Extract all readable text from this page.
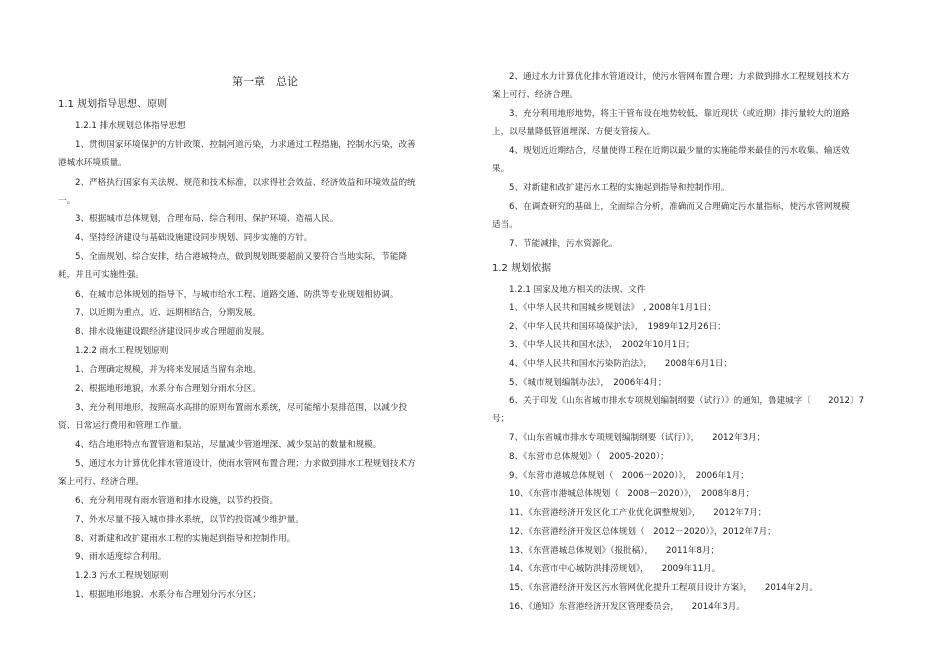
第一章　总论
1.1 规划指导思想、原则
1.2.1 排水规划总体指导思想
1、贯彻国家环境保护的方针政策、控制河道污染，力求通过工程措施，控制水污染，改善
港城水环境质量。
2、严格执行国家有关法规、规范和技术标准，以求得社会效益、经济效益和环境效益的统
一。
3、根据城市总体规划，合理布局、综合利用、保护环境、造福人民。
4、坚持经济建设与基础设施建设同步规划、同步实施的方针。
5、全面规划、综合安排，结合港城特点，做到规划既要超前又要符合当地实际，节能降
耗，并且可实施性强。
6、在城市总体规划的指导下，与城市给水工程、道路交通、防洪等专业规划相协调。
7、以近期为重点，近、远期相结合，分期发展。
8、排水设施建设跟经济建设同步或合理超前发展。
1.2.2 雨水工程规划原则
1、合理确定规模，并为将来发展适当留有余地。
2、根据地形地貌，水系分布合理划分雨水分区。
3、充分利用地形，按照高水高排的原则布置雨水系统，尽可能缩小泵排范围，以减少投
资、日常运行费用和管理工作量。
4、结合地形特点布置管道和泵站，尽量减少管道埋深、减少泵站的数量和规模。
5、通过水力计算优化排水管道设计，使雨水管网布置合理；力求做到排水工程规划技术方
案上可行、经济合理。
6、充分利用现有雨水管道和排水设施，以节约投资。
7、外水尽量不接入城市排水系统，以节约投资减少维护量。
8、对新建和改扩建雨水工程的实施起到指导和控制作用。
9、雨水适度综合利用。
1.2.3 污水工程规划原则
1、根据地形地貌、水系分布合理划分污水分区；
2、通过水力计算优化排水管道设计，使污水管网布置合理；力求做到排水工程规划技术方
案上可行、经济合理。
3、充分利用地形地势，将主干管布设在地势较低、靠近现状（或近期）排污量较大的道路
上，以尽量降低管道埋深、方便支管接入。
4、规划近近期结合，尽量使得工程在近期以最少量的实施能带来最佳的污水收集、输送效
果。
5、对新建和改扩建污水工程的实施起到指导和控制作用。
6、在调查研究的基础上，全面综合分析，准确而又合理确定污水量指标，使污水管网规模
适当。
7、节能减排，污水资源化。
1.2 规划依据
1.2.1 国家及地方相关的法规、文件
1、《中华人民共和国城乡规划法》　, 2008年1月1日；
2、《中华人民共和国环境保护法》，　1989年12月26日；
3、《中华人民共和国水法》，　2002年10月1日；
4、《中华人民共和国水污染防治法》，　　2008年6月1日；
5、《城市规划编制办法》，　2006年4月；
6、关于印发《山东省城市排水专项规划编制纲要（试行）》的通知，鲁建城字〔　　2012〕7
号；
7、《山东省城市排水专项规划编制纲要（试行）》，　　2012年3月；
8、《东营市总体规划》（　2005-2020）；
9、《东营市港城总体规划（　2006－2020）》，　2006年1月；
10、《东营市港城总体规划（　2008－2020）》，　2008年8月；
11、《东营港经济开发区化工产业优化调整规划》，　　2012年7月；
12、《东营港经济开发区总体规划（　2012－2020）》，2012年7月；
13、《东营港城总体规划》（报批稿），　　2011年8月；
14、《东营市中心城防洪排涝规划》，　　2009年11月。
15、《东营港经济开发区污水管网优化提升工程项目设计方案》，　　2014年2月。
16、《通知》东营港经济开发区管理委员会，　　2014年3月。
